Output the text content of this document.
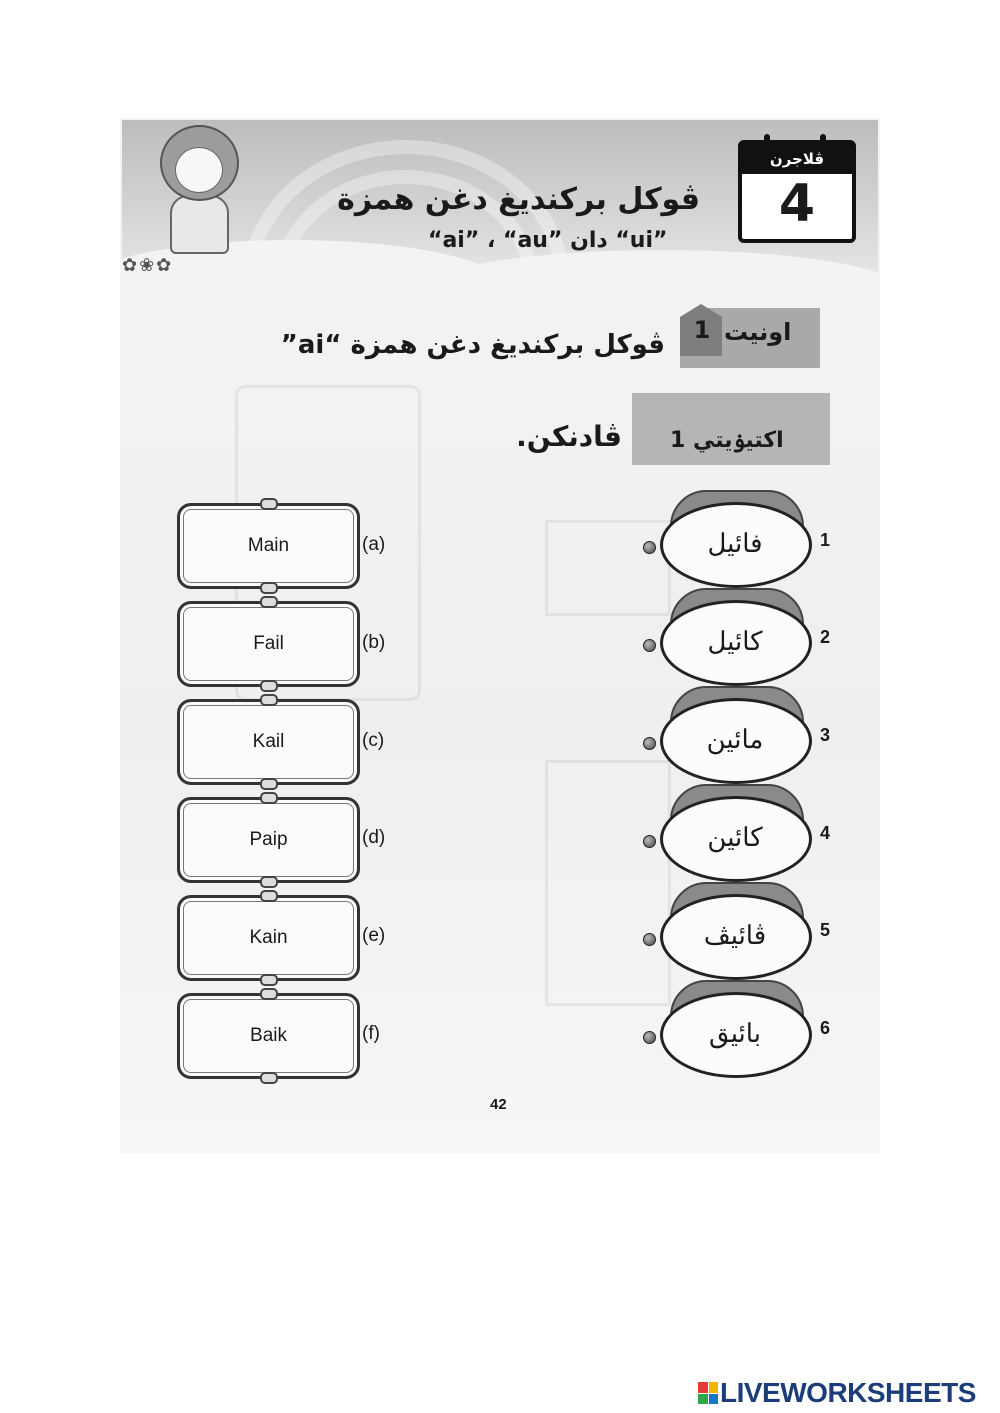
✿❀✿
ڤوکل برکنديغ دغن همزة
“ai” ، “au” دان “ui”
ڤلاجرن
4
1 اونيت
ڤوکل برکنديغ دغن همزة “ai”
اکتيۏيتي 1
ڤادنکن.
Main	(a)
Fail	(b)
Kail	(c)
Paip	(d)
Kain	(e)
Baik	(f)
فائيل	1
کائيل	2
مائين	3
کائين	4
ڤائيڤ	5
بائيق	6
42
LIVEWORKSHEETS
